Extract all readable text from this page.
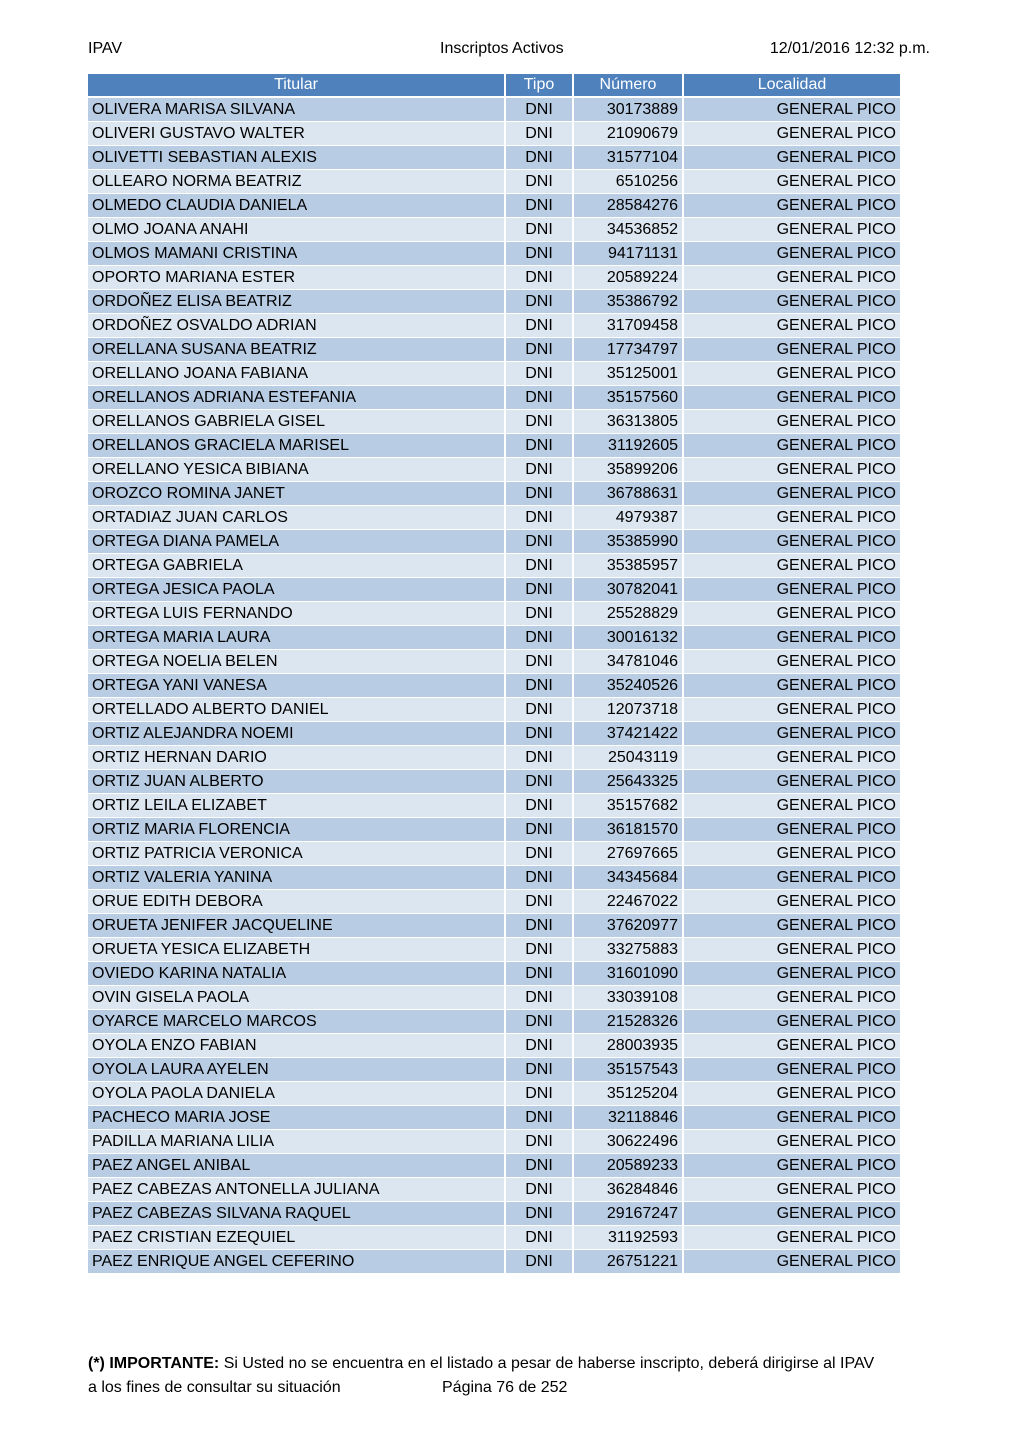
IPAV	Inscriptos Activos	12/01/2016 12:32 p.m.
Titular	Tipo	Número	Localidad
OLIVERA MARISA SILVANA	DNI	30173889	GENERAL PICO
OLIVERI GUSTAVO WALTER	DNI	21090679	GENERAL PICO
OLIVETTI SEBASTIAN ALEXIS	DNI	31577104	GENERAL PICO
OLLEARO NORMA BEATRIZ	DNI	6510256	GENERAL PICO
OLMEDO CLAUDIA DANIELA	DNI	28584276	GENERAL PICO
OLMO JOANA ANAHI	DNI	34536852	GENERAL PICO
OLMOS MAMANI CRISTINA	DNI	94171131	GENERAL PICO
OPORTO MARIANA ESTER	DNI	20589224	GENERAL PICO
ORDOÑEZ ELISA BEATRIZ	DNI	35386792	GENERAL PICO
ORDOÑEZ OSVALDO ADRIAN	DNI	31709458	GENERAL PICO
ORELLANA SUSANA BEATRIZ	DNI	17734797	GENERAL PICO
ORELLANO JOANA FABIANA	DNI	35125001	GENERAL PICO
ORELLANOS ADRIANA ESTEFANIA	DNI	35157560	GENERAL PICO
ORELLANOS GABRIELA GISEL	DNI	36313805	GENERAL PICO
ORELLANOS GRACIELA MARISEL	DNI	31192605	GENERAL PICO
ORELLANO YESICA BIBIANA	DNI	35899206	GENERAL PICO
OROZCO ROMINA JANET	DNI	36788631	GENERAL PICO
ORTADIAZ JUAN CARLOS	DNI	4979387	GENERAL PICO
ORTEGA DIANA PAMELA	DNI	35385990	GENERAL PICO
ORTEGA GABRIELA	DNI	35385957	GENERAL PICO
ORTEGA JESICA PAOLA	DNI	30782041	GENERAL PICO
ORTEGA LUIS FERNANDO	DNI	25528829	GENERAL PICO
ORTEGA MARIA LAURA	DNI	30016132	GENERAL PICO
ORTEGA NOELIA BELEN	DNI	34781046	GENERAL PICO
ORTEGA YANI VANESA	DNI	35240526	GENERAL PICO
ORTELLADO ALBERTO DANIEL	DNI	12073718	GENERAL PICO
ORTIZ ALEJANDRA NOEMI	DNI	37421422	GENERAL PICO
ORTIZ HERNAN DARIO	DNI	25043119	GENERAL PICO
ORTIZ JUAN ALBERTO	DNI	25643325	GENERAL PICO
ORTIZ LEILA ELIZABET	DNI	35157682	GENERAL PICO
ORTIZ MARIA FLORENCIA	DNI	36181570	GENERAL PICO
ORTIZ PATRICIA VERONICA	DNI	27697665	GENERAL PICO
ORTIZ VALERIA YANINA	DNI	34345684	GENERAL PICO
ORUE EDITH DEBORA	DNI	22467022	GENERAL PICO
ORUETA JENIFER JACQUELINE	DNI	37620977	GENERAL PICO
ORUETA YESICA ELIZABETH	DNI	33275883	GENERAL PICO
OVIEDO KARINA NATALIA	DNI	31601090	GENERAL PICO
OVIN GISELA PAOLA	DNI	33039108	GENERAL PICO
OYARCE MARCELO MARCOS	DNI	21528326	GENERAL PICO
OYOLA ENZO FABIAN	DNI	28003935	GENERAL PICO
OYOLA LAURA AYELEN	DNI	35157543	GENERAL PICO
OYOLA PAOLA DANIELA	DNI	35125204	GENERAL PICO
PACHECO MARIA JOSE	DNI	32118846	GENERAL PICO
PADILLA MARIANA LILIA	DNI	30622496	GENERAL PICO
PAEZ ANGEL ANIBAL	DNI	20589233	GENERAL PICO
PAEZ CABEZAS ANTONELLA JULIANA	DNI	36284846	GENERAL PICO
PAEZ CABEZAS SILVANA RAQUEL	DNI	29167247	GENERAL PICO
PAEZ CRISTIAN EZEQUIEL	DNI	31192593	GENERAL PICO
PAEZ ENRIQUE ANGEL CEFERINO	DNI	26751221	GENERAL PICO
(*) IMPORTANTE: Si Usted no se encuentra en el listado a pesar de haberse inscripto, deberá dirigirse al IPAV
a los fines de consultar su situación	Página 76 de 252
